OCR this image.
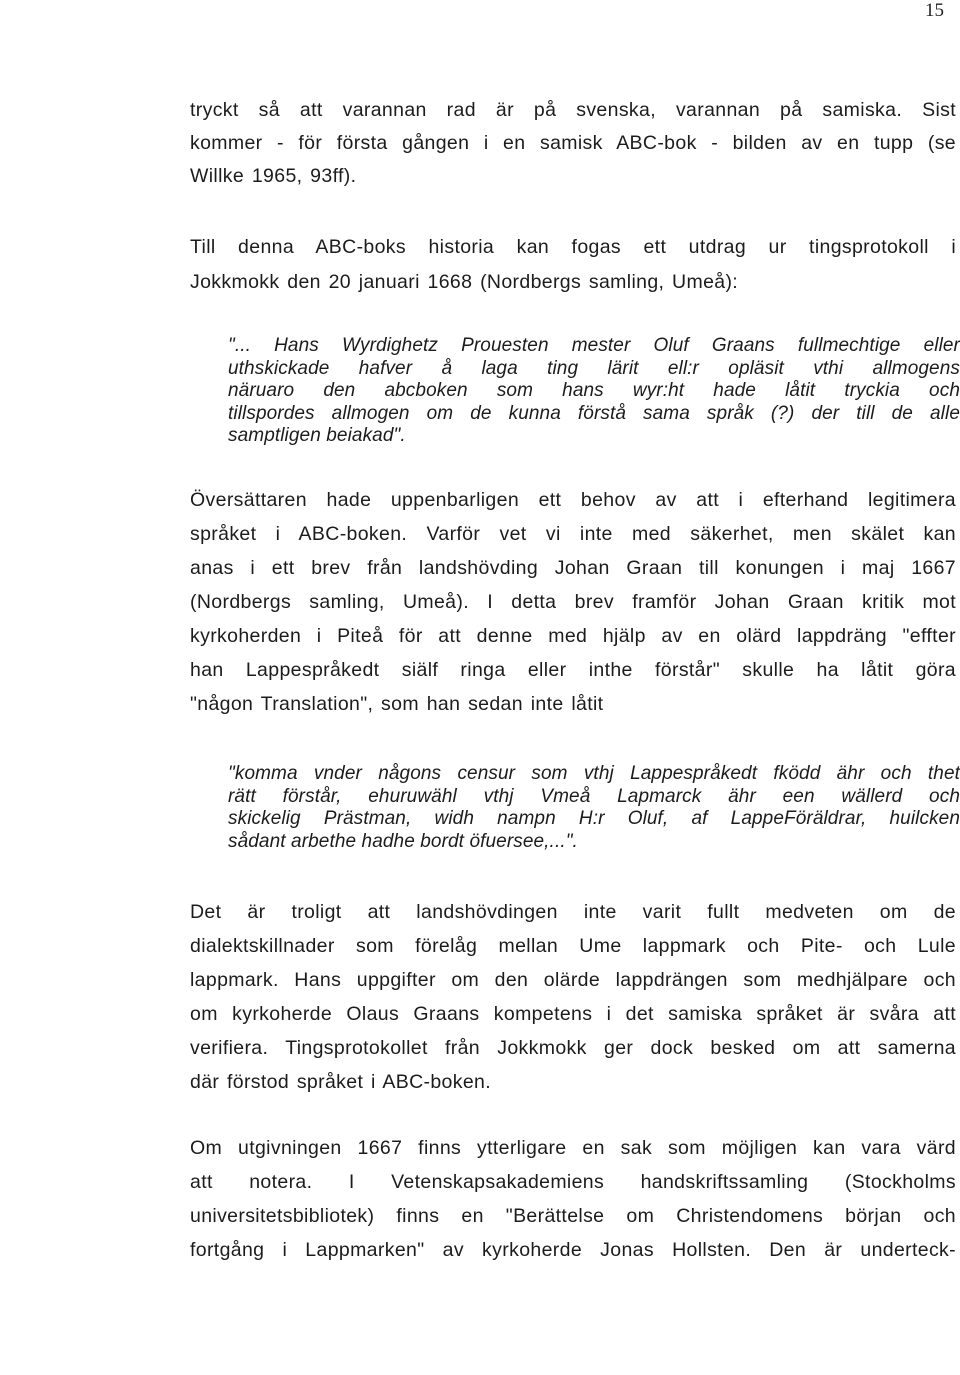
15
tryckt så att varannan rad är på svenska, varannan på samiska. Sist
kommer - för första gången i en samisk ABC-bok - bilden av en tupp (se
Willke 1965, 93ff).
Till denna ABC-boks historia kan fogas ett utdrag ur tingsprotokoll i
Jokkmokk den 20 januari 1668 (Nordbergs samling, Umeå):
"... Hans Wyrdighetz Prouesten mester Oluf Graans fullmechtige eller
uthskickade hafver å laga ting lärit ell:r opläsit vthi allmogens
näruaro den abcboken som hans wyr:ht hade låtit tryckia och
tillspordes allmogen om de kunna förstå sama språk (?) der till de alle
samptligen beiakad".
Översättaren hade uppenbarligen ett behov av att i efterhand legitimera
språket i ABC-boken. Varför vet vi inte med säkerhet, men skälet kan
anas i ett brev från landshövding Johan Graan till konungen i maj 1667
(Nordbergs samling, Umeå). I detta brev framför Johan Graan kritik mot
kyrkoherden i Piteå för att denne med hjälp av en olärd lappdräng "effter
han Lappespråkedt siälf ringa eller inthe förstår" skulle ha låtit göra
"någon Translation", som han sedan inte låtit
"komma vnder någons censur som vthj Lappespråkedt fködd ähr och thet
rätt förstår, ehuruwähl vthj Vmeå Lapmarck ähr een wällerd och
skickelig Prästman, widh nampn H:r Oluf, af LappeFöräldrar, huilcken
sådant arbethe hadhe bordt öfuersee,...".
Det är troligt att landshövdingen inte varit fullt medveten om de
dialektskillnader som förelåg mellan Ume lappmark och Pite- och Lule
lappmark. Hans uppgifter om den olärde lappdrängen som medhjälpare och
om kyrkoherde Olaus Graans kompetens i det samiska språket är svåra att
verifiera. Tingsprotokollet från Jokkmokk ger dock besked om att samerna
där förstod språket i ABC-boken.
Om utgivningen 1667 finns ytterligare en sak som möjligen kan vara värd
att notera. I Vetenskapsakademiens handskriftssamling (Stockholms
universitetsbibliotek) finns en "Berättelse om Christendomens början och
fortgång i Lappmarken" av kyrkoherde Jonas Hollsten. Den är underteck-
